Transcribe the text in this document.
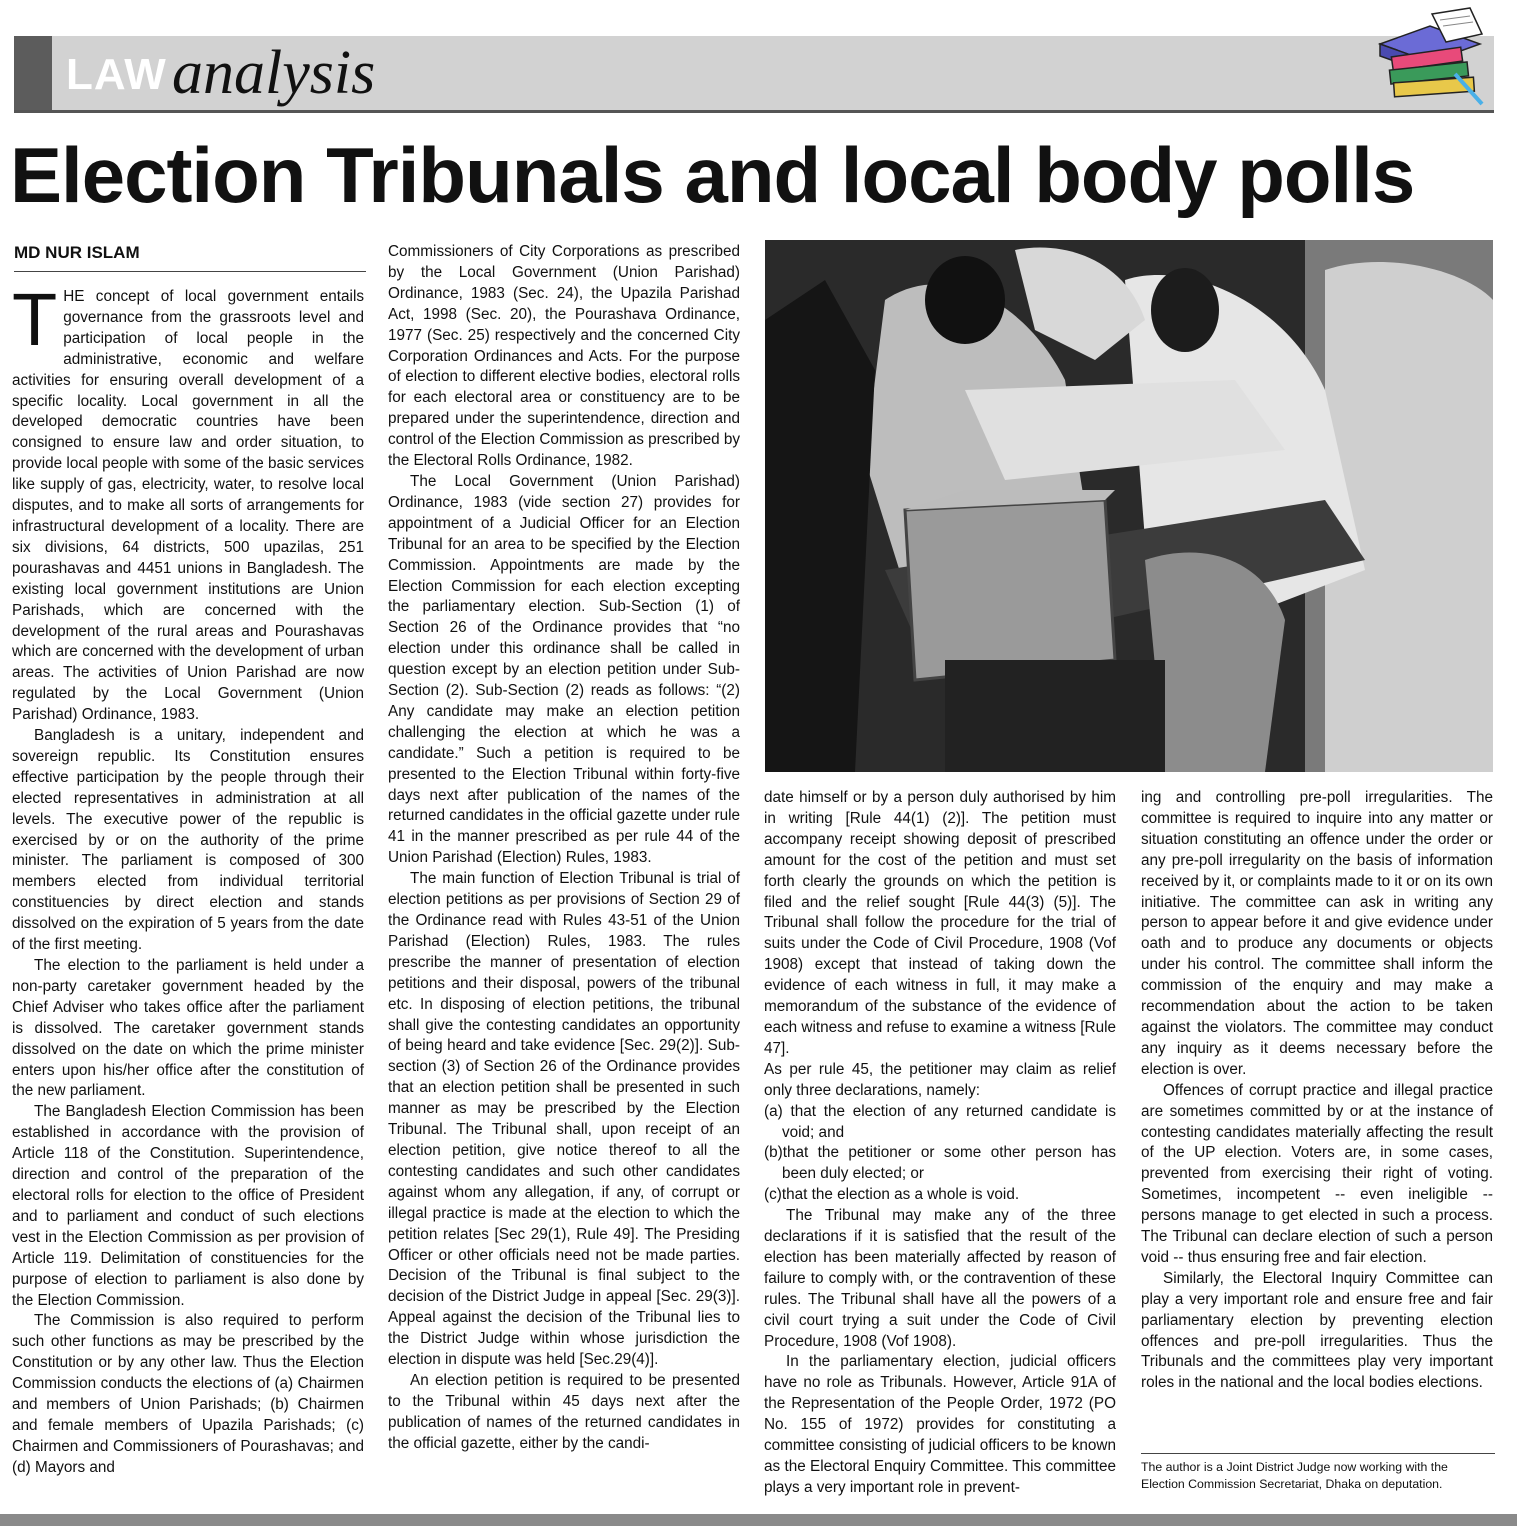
LAW analysis
Election Tribunals and local body polls
MD NUR ISLAM

THE concept of local government entails governance from the grassroots level and participation of local people in the administrative, economic and welfare activities for ensuring overall development of a specific locality. Local government in all the developed democratic countries have been consigned to ensure law and order situation, to provide local people with some of the basic services like supply of gas, electricity, water, to resolve local disputes, and to make all sorts of arrangements for infrastructural development of a locality. There are six divisions, 64 districts, 500 upazilas, 251 pourashavas and 4451 unions in Bangladesh. The existing local government institutions are Union Parishads, which are concerned with the development of the rural areas and Pourashavas which are concerned with the development of urban areas. The activities of Union Parishad are now regulated by the Local Government (Union Parishad) Ordinance, 1983.

Bangladesh is a unitary, independent and sovereign republic. Its Constitution ensures effective participation by the people through their elected representatives in administration at all levels. The executive power of the republic is exercised by or on the authority of the prime minister. The parliament is composed of 300 members elected from individual territorial constituencies by direct election and stands dissolved on the expiration of 5 years from the date of the first meeting.

The election to the parliament is held under a non-party caretaker government headed by the Chief Adviser who takes office after the parliament is dissolved. The caretaker government stands dissolved on the date on which the prime minister enters upon his/her office after the constitution of the new parliament.

The Bangladesh Election Commission has been established in accordance with the provision of Article 118 of the Constitution. Superintendence, direction and control of the preparation of the electoral rolls for election to the office of President and to parliament and conduct of such elections vest in the Election Commission as per provision of Article 119. Delimitation of constituencies for the purpose of election to parliament is also done by the Election Commission.

The Commission is also required to perform such other functions as may be prescribed by the Constitution or by any other law. Thus the Election Commission conducts the elections of (a) Chairmen and members of Union Parishads; (b) Chairmen and female members of Upazila Parishads; (c) Chairmen and Commissioners of Pourashavas; and (d) Mayors and

Commissioners of City Corporations as prescribed by the Local Government (Union Parishad) Ordinance, 1983 (Sec. 24), the Upazila Parishad Act, 1998 (Sec. 20), the Pourashava Ordinance, 1977 (Sec. 25) respectively and the concerned City Corporation Ordinances and Acts. For the purpose of election to different elective bodies, electoral rolls for each electoral area or constituency are to be prepared under the superintendence, direction and control of the Election Commission as prescribed by the Electoral Rolls Ordinance, 1982.

The Local Government (Union Parishad) Ordinance, 1983 (vide section 27) provides for appointment of a Judicial Officer for an Election Tribunal for an area to be specified by the Election Commission. Appointments are made by the Election Commission for each election excepting the parliamentary election. Sub-Section (1) of Section 26 of the Ordinance provides that “no election under this ordinance shall be called in question except by an election petition under Sub-Section (2). Sub-Section (2) reads as follows: “(2) Any candidate may make an election petition challenging the election at which he was a candidate.” Such a petition is required to be presented to the Election Tribunal within forty-five days next after publication of the names of the returned candidates in the official gazette under rule 41 in the manner prescribed as per rule 44 of the Union Parishad (Election) Rules, 1983.

The main function of Election Tribunal is trial of election petitions as per provisions of Section 29 of the Ordinance read with Rules 43-51 of the Union Parishad (Election) Rules, 1983. The rules prescribe the manner of presentation of election petitions and their disposal, powers of the tribunal etc. In disposing of election petitions, the tribunal shall give the contesting candidates an opportunity of being heard and take evidence [Sec. 29(2)]. Sub-section (3) of Section 26 of the Ordinance provides that an election petition shall be presented in such manner as may be prescribed by the Election Tribunal. The Tribunal shall, upon receipt of an election petition, give notice thereof to all the contesting candidates and such other candidates against whom any allegation, if any, of corrupt or illegal practice is made at the election to which the petition relates [Sec 29(1), Rule 49]. The Presiding Officer or other officials need not be made parties. Decision of the Tribunal is final subject to the decision of the District Judge in appeal [Sec. 29(3)]. Appeal against the decision of the Tribunal lies to the District Judge within whose jurisdiction the election in dispute was held [Sec.29(4)].

An election petition is required to be presented to the Tribunal within 45 days next after the publication of names of the returned candidates in the official gazette, either by the candi-

date himself or by a person duly authorised by him in writing [Rule 44(1) (2)]. The petition must accompany receipt showing deposit of prescribed amount for the cost of the petition and must set forth clearly the grounds on which the petition is filed and the relief sought [Rule 44(3) (5)]. The Tribunal shall follow the procedure for the trial of suits under the Code of Civil Procedure, 1908 (Vof 1908) except that instead of taking down the evidence of each witness in full, it may make a memorandum of the substance of the evidence of each witness and refuse to examine a witness [Rule 47].

As per rule 45, the petitioner may claim as relief only three declarations, namely:

(a) that the election of any returned candidate is void; and

(b)that the petitioner or some other person has been duly elected; or

(c)that the election as a whole is void.

The Tribunal may make any of the three declarations if it is satisfied that the result of the election has been materially affected by reason of failure to comply with, or the contravention of these rules. The Tribunal shall have all the powers of a civil court trying a suit under the Code of Civil Procedure, 1908 (Vof 1908).

In the parliamentary election, judicial officers have no role as Tribunals. However, Article 91A of the Representation of the People Order, 1972 (PO No. 155 of 1972) provides for constituting a committee consisting of judicial officers to be known as the Electoral Enquiry Committee. This committee plays a very important role in prevent-

ing and controlling pre-poll irregularities. The committee is required to inquire into any matter or situation constituting an offence under the order or any pre-poll irregularity on the basis of information received by it, or complaints made to it or on its own initiative. The committee can ask in writing any person to appear before it and give evidence under oath and to produce any documents or objects under his control. The committee shall inform the commission of the enquiry and may make a recommendation about the action to be taken against the violators. The committee may conduct any inquiry as it deems necessary before the election is over.

Offences of corrupt practice and illegal practice are sometimes committed by or at the instance of contesting candidates materially affecting the result of the UP election. Voters are, in some cases, prevented from exercising their right of voting. Sometimes, incompetent -- even ineligible -- persons manage to get elected in such a process. The Tribunal can declare election of such a person void -- thus ensuring free and fair election.

Similarly, the Electoral Inquiry Committee can play a very important role and ensure free and fair parliamentary election by preventing election offences and pre-poll irregularities. Thus the Tribunals and the committees play very important roles in the national and the local bodies elections.

The author is a Joint District Judge now working with the Election Commission Secretariat, Dhaka on deputation.
